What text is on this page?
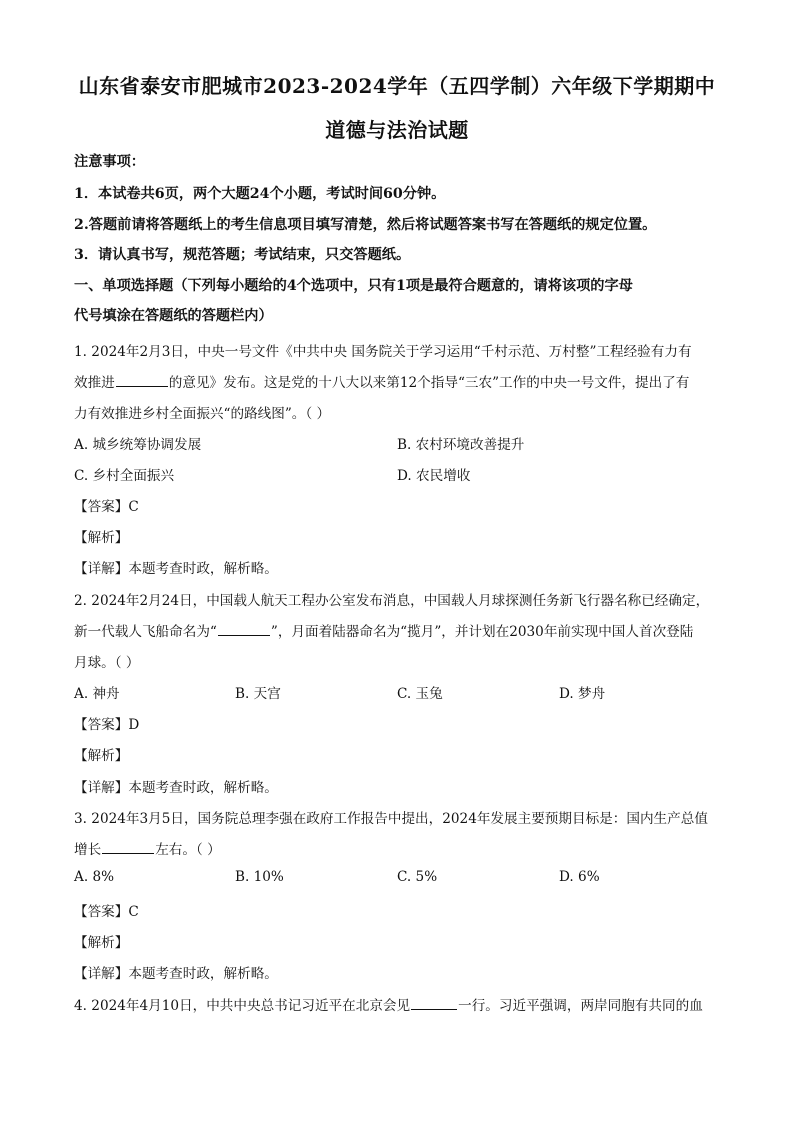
山东省泰安市肥城市2023-2024学年（五四学制）六年级下学期期中
道德与法治试题
注意事项：
1．本试卷共6页，两个大题24个小题，考试时间60分钟。
2.答题前请将答题纸上的考生信息项目填写清楚，然后将试题答案书写在答题纸的规定位置。
3．请认真书写，规范答题；考试结束，只交答题纸。
一、单项选择题（下列每小题给的4个选项中，只有1项是最符合题意的，请将该项的字母
代号填涂在答题纸的答题栏内）
1. 2024年2月3日，中央一号文件《中共中央 国务院关于学习运用“千村示范、万村整”工程经验有力有
效推进	的意见》发布。这是党的十八大以来第12个指导“三农”工作的中央一号文件，提出了有
力有效推进乡村全面振兴“的路线图”。（ ）
A. 城乡统筹协调发展	B. 农村环境改善提升
C. 乡村全面振兴	D. 农民增收
【答案】C
【解析】
【详解】本题考查时政，解析略。
2. 2024年2月24日，中国载人航天工程办公室发布消息，中国载人月球探测任务新飞行器名称已经确定，
新一代载人飞船命名为“	”，月面着陆器命名为“揽月”，并计划在2030年前实现中国人首次登陆
月球。（ ）
A. 神舟	B. 天宫	C. 玉兔	D. 梦舟
【答案】D
【解析】
【详解】本题考查时政，解析略。
3. 2024年3月5日，国务院总理李强在政府工作报告中提出，2024年发展主要预期目标是：国内生产总值
增长	左右。（ ）
A. 8%	B. 10%	C. 5%	D. 6%
【答案】C
【解析】
【详解】本题考查时政，解析略。
4. 2024年4月10日，中共中央总书记习近平在北京会见	一行。习近平强调，两岸同胞有共同的血
